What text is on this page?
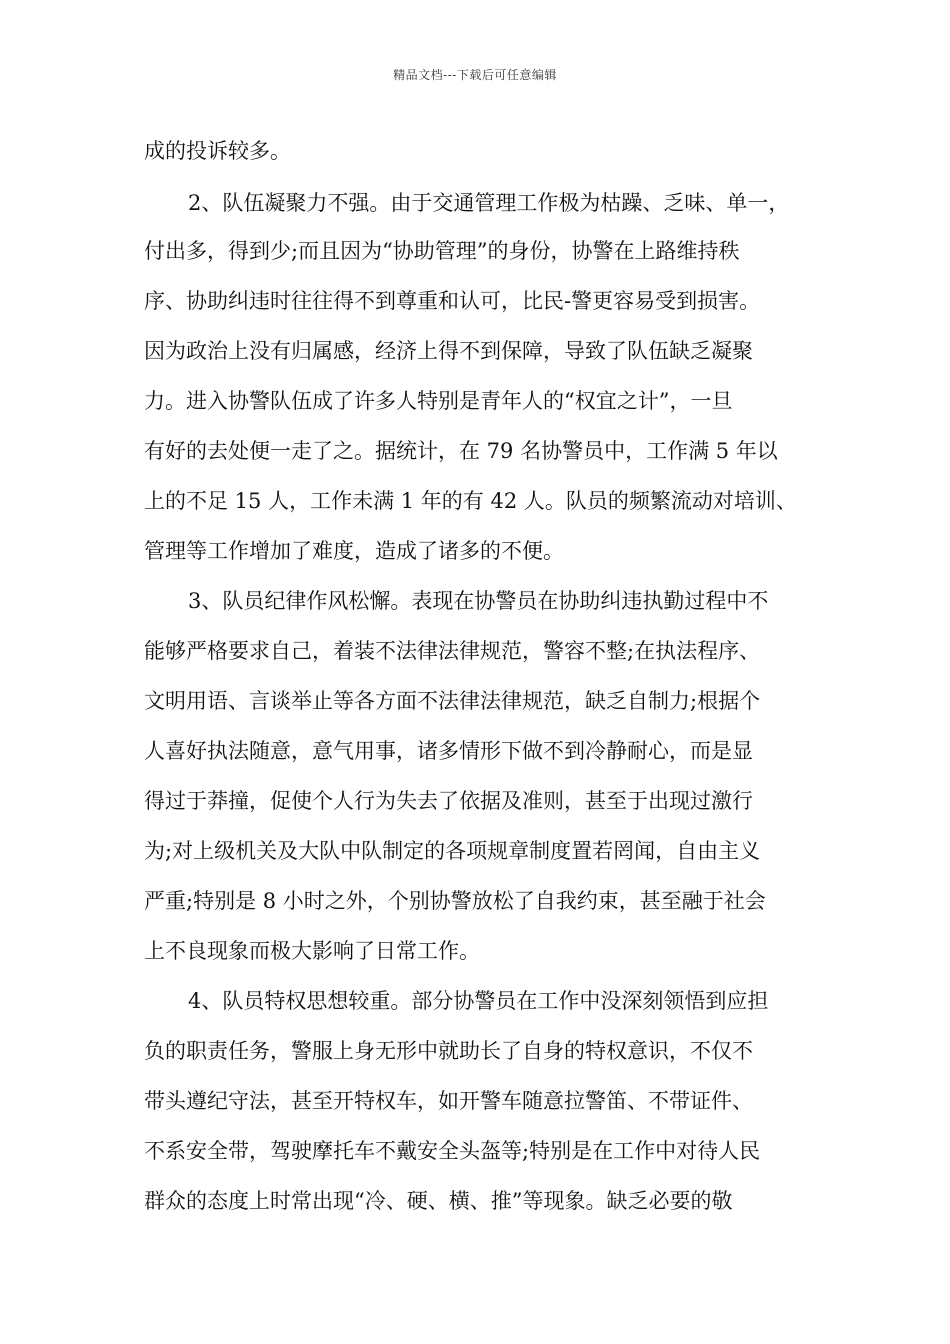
精品文档---下载后可任意编辑
成的投诉较多。
2、队伍凝聚力不强。由于交通管理工作极为枯躁、乏味、单一，
付出多，得到少;而且因为“协助管理”的身份，协警在上路维持秩
序、协助纠违时往往得不到尊重和认可，比民-警更容易受到损害。
因为政治上没有归属感，经济上得不到保障，导致了队伍缺乏凝聚
力。进入协警队伍成了许多人特别是青年人的“权宜之计”，一旦
有好的去处便一走了之。据统计，在 79 名协警员中，工作满 5 年以
上的不足 15 人，工作未满 1 年的有 42 人。队员的频繁流动对培训、
管理等工作增加了难度，造成了诸多的不便。
3、队员纪律作风松懈。表现在协警员在协助纠违执勤过程中不
能够严格要求自己，着装不法律法律规范，警容不整;在执法程序、
文明用语、言谈举止等各方面不法律法律规范，缺乏自制力;根据个
人喜好执法随意，意气用事，诸多情形下做不到冷静耐心，而是显
得过于莽撞，促使个人行为失去了依据及准则，甚至于出现过激行
为;对上级机关及大队中队制定的各项规章制度置若罔闻，自由主义
严重;特别是 8 小时之外，个别协警放松了自我约束，甚至融于社会
上不良现象而极大影响了日常工作。
4、队员特权思想较重。部分协警员在工作中没深刻领悟到应担
负的职责任务，警服上身无形中就助长了自身的特权意识，不仅不
带头遵纪守法，甚至开特权车，如开警车随意拉警笛、不带证件、
不系安全带，驾驶摩托车不戴安全头盔等;特别是在工作中对待人民
群众的态度上时常出现“冷、硬、横、推”等现象。缺乏必要的敬
